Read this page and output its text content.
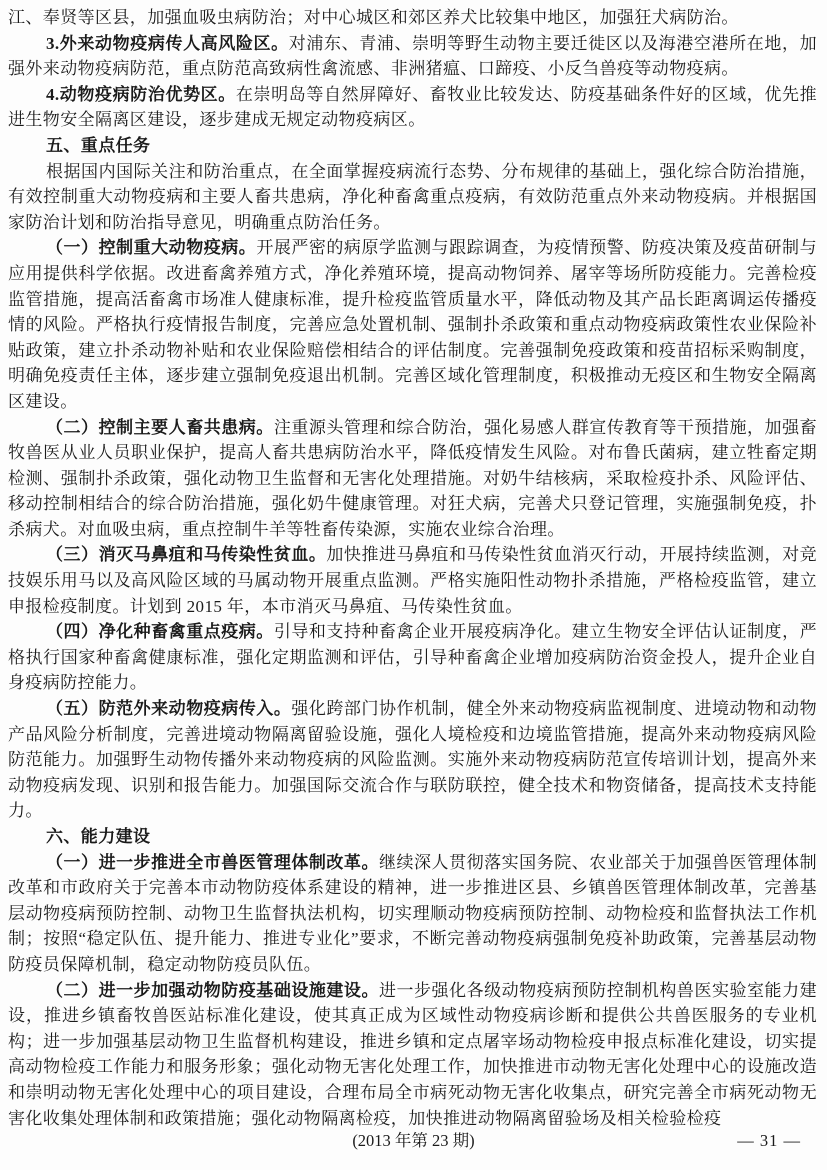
江、奉贤等区县，加强血吸虫病防治；对中心城区和郊区养犬比较集中地区，加强狂犬病防治。

3.外来动物疫病传人高风险区。对浦东、青浦、崇明等野生动物主要迁徙区以及海港空港所在地，加强外来动物疫病防范，重点防范高致病性禽流感、非洲猪瘟、口蹄疫、小反刍兽疫等动物疫病。

4.动物疫病防治优势区。在崇明岛等自然屏障好、畜牧业比较发达、防疫基础条件好的区域，优先推进生物安全隔离区建设，逐步建成无规定动物疫病区。

五、重点任务

根据国内国际关注和防治重点，在全面掌握疫病流行态势、分布规律的基础上，强化综合防治措施，有效控制重大动物疫病和主要人畜共患病，净化种畜禽重点疫病，有效防范重点外来动物疫病。并根据国家防治计划和防治指导意见，明确重点防治任务。

（一）控制重大动物疫病。开展严密的病原学监测与跟踪调查，为疫情预警、防疫决策及疫苗研制与应用提供科学依据。改进畜禽养殖方式，净化养殖环境，提高动物饲养、屠宰等场所防疫能力。完善检疫监管措施，提高活畜禽市场准人健康标准，提升检疫监管质量水平，降低动物及其产品长距离调运传播疫情的风险。严格执行疫情报告制度，完善应急处置机制、强制扑杀政策和重点动物疫病政策性农业保险补贴政策，建立扑杀动物补贴和农业保险赔偿相结合的评估制度。完善强制免疫政策和疫苗招标采购制度，明确免疫责任主体，逐步建立强制免疫退出机制。完善区域化管理制度，积极推动无疫区和生物安全隔离区建设。

（二）控制主要人畜共患病。注重源头管理和综合防治，强化易感人群宣传教育等干预措施，加强畜牧兽医从业人员职业保护，提高人畜共患病防治水平，降低疫情发生风险。对布鲁氏菌病，建立牲畜定期检测、强制扑杀政策，强化动物卫生监督和无害化处理措施。对奶牛结核病，采取检疫扑杀、风险评估、移动控制相结合的综合防治措施，强化奶牛健康管理。对狂犬病，完善犬只登记管理，实施强制免疫，扑杀病犬。对血吸虫病，重点控制牛羊等牲畜传染源，实施农业综合治理。

（三）消灭马鼻疽和马传染性贫血。加快推进马鼻疽和马传染性贫血消灭行动，开展持续监测，对竞技娱乐用马以及高风险区域的马属动物开展重点监测。严格实施阳性动物扑杀措施，严格检疫监管，建立申报检疫制度。计划到 2015 年，本市消灭马鼻疽、马传染性贫血。

（四）净化种畜禽重点疫病。引导和支持种畜禽企业开展疫病净化。建立生物安全评估认证制度，严格执行国家种畜禽健康标准，强化定期监测和评估，引导种畜禽企业增加疫病防治资金投人，提升企业自身疫病防控能力。

（五）防范外来动物疫病传入。强化跨部门协作机制，健全外来动物疫病监视制度、进境动物和动物产品风险分析制度，完善进境动物隔离留验设施，强化人境检疫和边境监管措施，提高外来动物疫病风险防范能力。加强野生动物传播外来动物疫病的风险监测。实施外来动物疫病防范宣传培训计划，提高外来动物疫病发现、识别和报告能力。加强国际交流合作与联防联控，健全技术和物资储备，提高技术支持能力。

六、能力建设

（一）进一步推进全市兽医管理体制改革。继续深人贯彻落实国务院、农业部关于加强兽医管理体制改革和市政府关于完善本市动物防疫体系建设的精神，进一步推进区县、乡镇兽医管理体制改革，完善基层动物疫病预防控制、动物卫生监督执法机构，切实理顺动物疫病预防控制、动物检疫和监督执法工作机制；按照“稳定队伍、提升能力、推进专业化”要求，不断完善动物疫病强制免疫补助政策，完善基层动物防疫员保障机制，稳定动物防疫员队伍。

（二）进一步加强动物防疫基础设施建设。进一步强化各级动物疫病预防控制机构兽医实验室能力建设，推进乡镇畜牧兽医站标准化建设，使其真正成为区域性动物疫病诊断和提供公共兽医服务的专业机构；进一步加强基层动物卫生监督机构建设，推进乡镇和定点屠宰场动物检疫申报点标准化建设，切实提高动物检疫工作能力和服务形象；强化动物无害化处理工作，加快推进市动物无害化处理中心的设施改造和崇明动物无害化处理中心的项目建设，合理布局全市病死动物无害化收集点，研究完善全市病死动物无害化收集处理体制和政策措施；强化动物隔离检疫，加快推进动物隔离留验场及相关检验检疫

(2013 年第 23 期)	— 31 —
